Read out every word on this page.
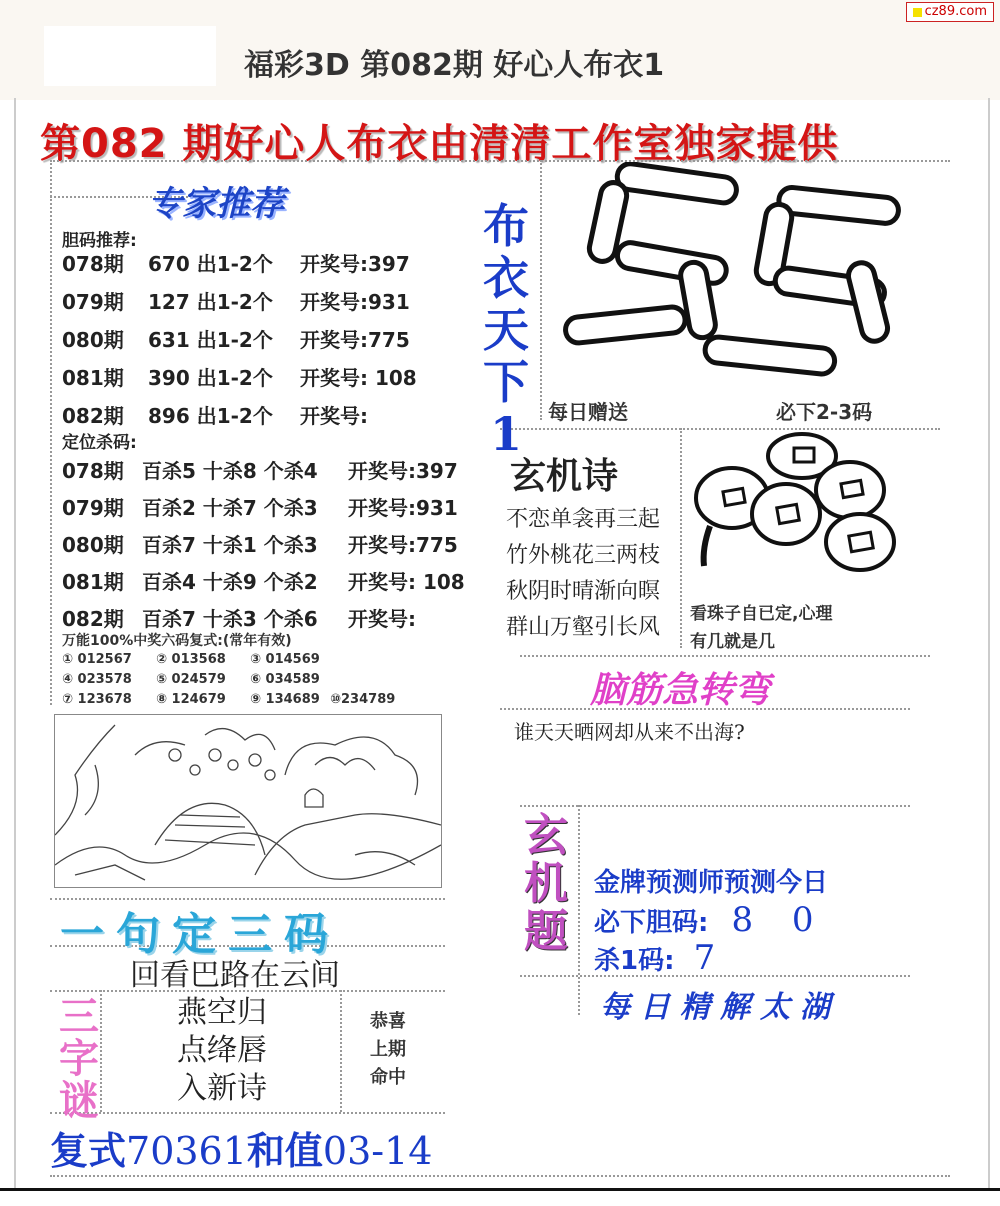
福彩3D 第082期 好心人布衣1
cz89.com
第082 期好心人布衣由清清工作室独家提供
专家推荐
胆码推荐:
078期 670 出1-2个 开奖号:397
079期 127 出1-2个 开奖号:931
080期 631 出1-2个 开奖号:775
081期 390 出1-2个 开奖号: 108
082期 896 出1-2个 开奖号:
定位杀码:
078期 百杀5 十杀8 个杀4 开奖号:397
079期 百杀2 十杀7 个杀3 开奖号:931
080期 百杀7 十杀1 个杀3 开奖号:775
081期 百杀4 十杀9 个杀2 开奖号: 108
082期 百杀7 十杀3 个杀6 开奖号:
万能100%中奖六码复式:(常年有效)
① 012567 ② 013568 ③ 014569
④ 023578 ⑤ 024579 ⑥ 034589
⑦ 123678 ⑧ 124679 ⑨ 134689 ⑩234789
布
衣
天
下
1	每日赠送	必下2-3码
玄机诗
不恋单衾再三起
竹外桃花三两枝
秋阴时晴渐向暝
群山万壑引长风
看珠子自已定,心理
有几就是几
脑筋急转弯
谁天天晒网却从来不出海?
玄
机
题
金牌预测师预测今日
必下胆码: 8 0
杀1码: 7
每日精解太湖
一句定三码
回看巴路在云间
三
字
谜
燕空归
点绛唇
入新诗
恭喜
上期
命中
复式70361和值03-14
